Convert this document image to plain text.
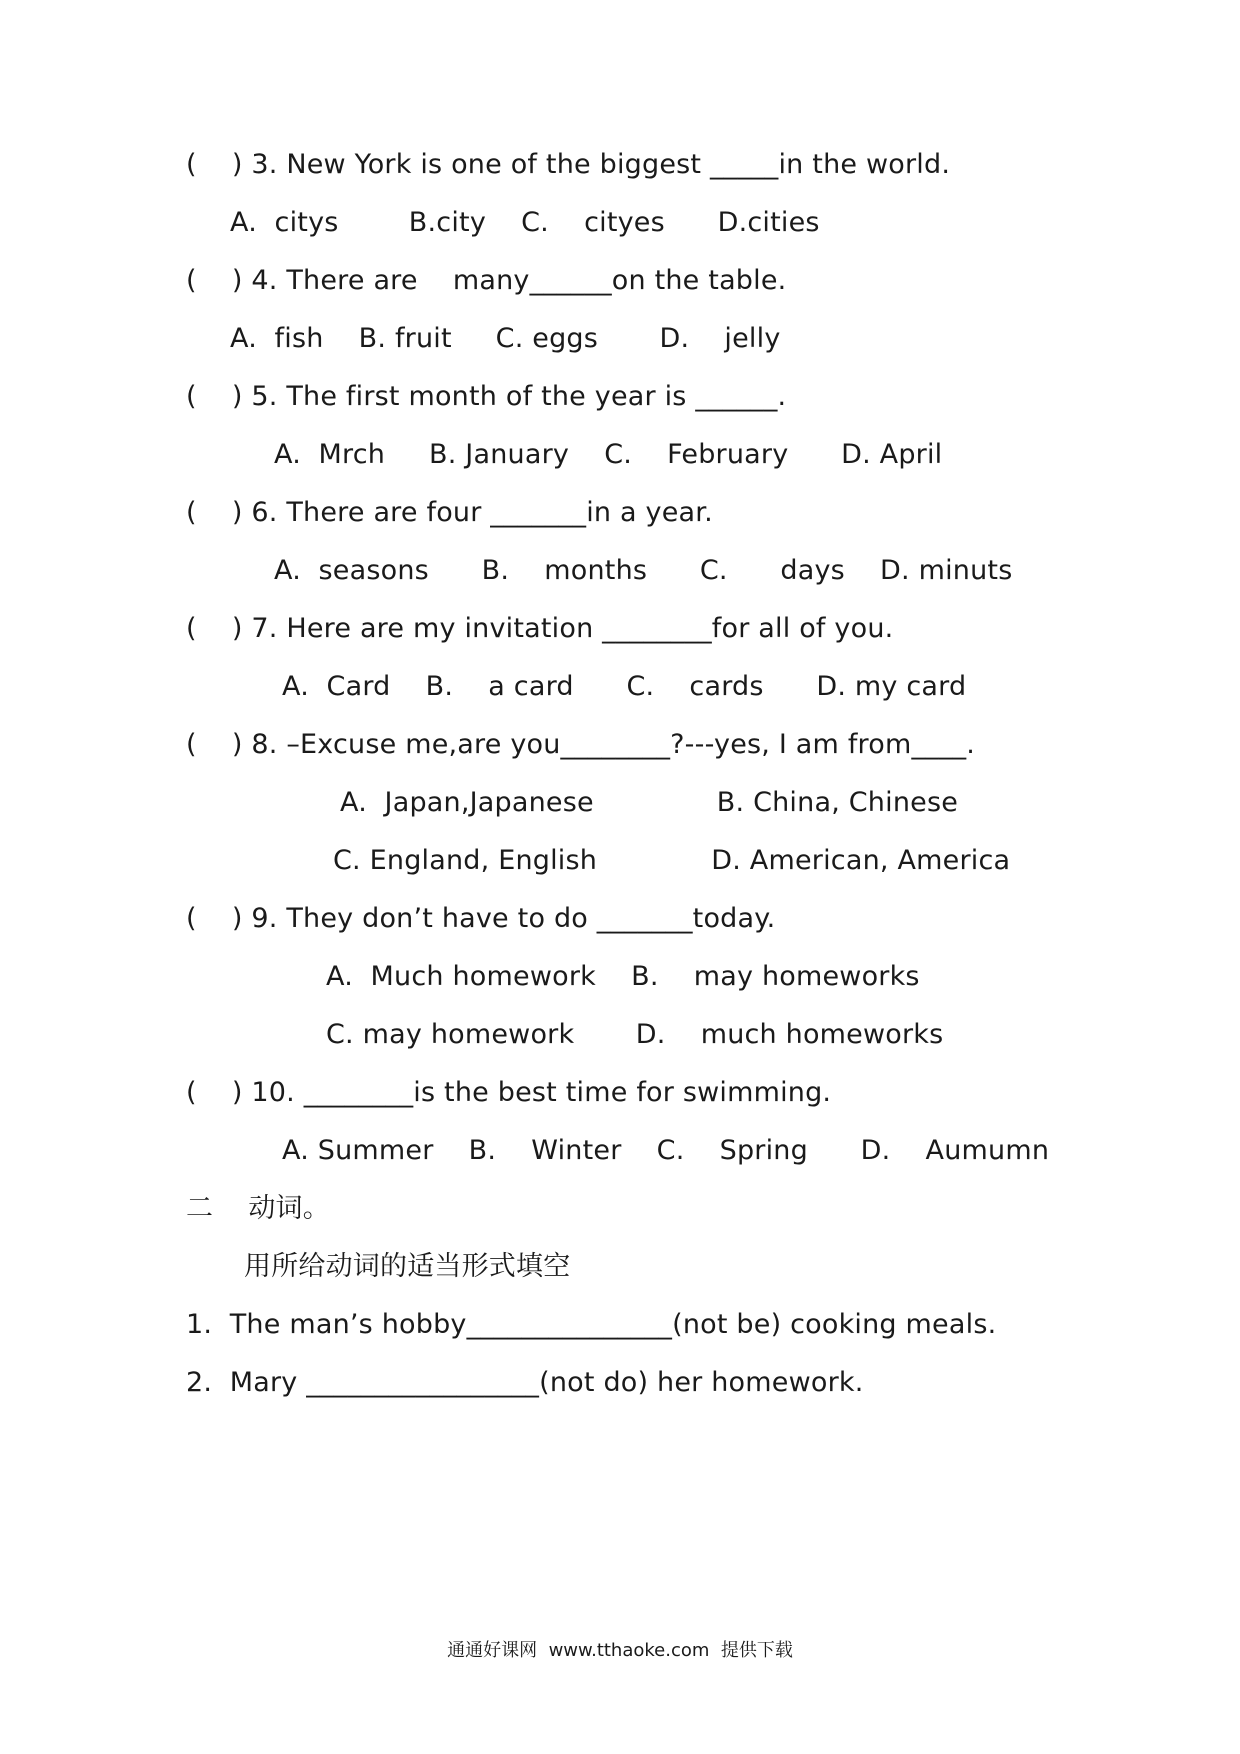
(    ) 3. New York is one of the biggest _____in the world.
A.  citys        B.city    C.    cityes      D.cities
(    ) 4. There are    many______on the table.
A.  fish    B. fruit     C. eggs       D.    jelly
(    ) 5. The first month of the year is ______.
A.  Mrch     B. January    C.    February      D. April
(    ) 6. There are four _______in a year.
A.  seasons      B.    months      C.      days    D. minuts
(    ) 7. Here are my invitation ________for all of you.
A.  Card    B.    a card      C.    cards      D. my card
(    ) 8. –Excuse me,are you________?---yes, I am from____.
A.  Japan,Japanese              B. China, Chinese
C. England, English             D. American, America
(    ) 9. They don’t have to do _______today.
A.  Much homework    B.    may homeworks
C. may homework       D.    much homeworks
(    ) 10. ________is the best time for swimming.
A. Summer    B.    Winter    C.    Spring      D.    Aumumn
二    动词。
用所给动词的适当形式填空
1.  The man’s hobby_______________(not be) cooking meals.
2.  Mary _________________(not do) her homework.
通通好课网  www.tthaoke.com  提供下载
